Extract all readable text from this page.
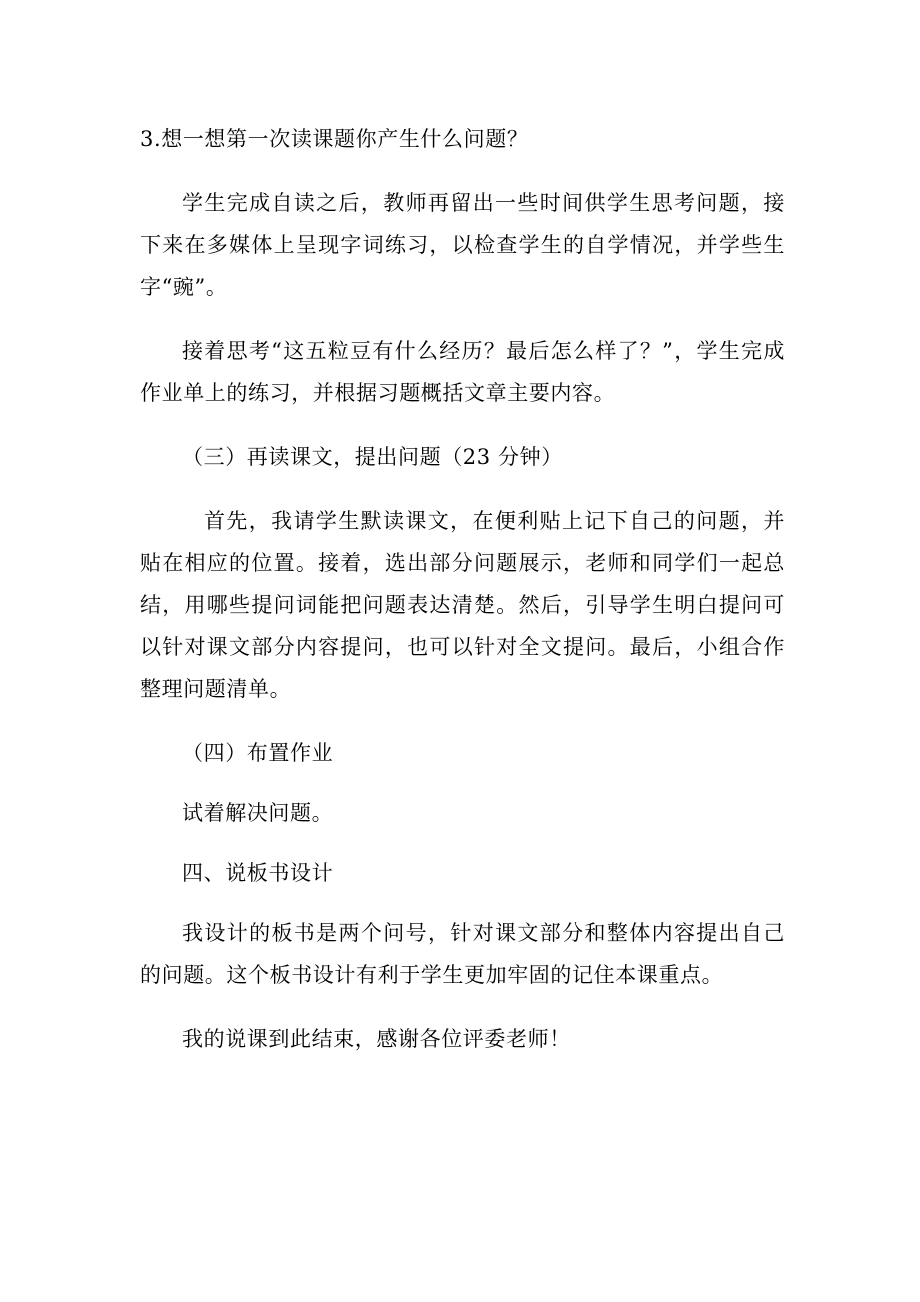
3.想一想第一次读课题你产生什么问题？

学生完成自读之后，教师再留出一些时间供学生思考问题，接下来在多媒体上呈现字词练习，以检查学生的自学情况，并学些生字“豌”。

接着思考“这五粒豆有什么经历？最后怎么样了？”，学生完成作业单上的练习，并根据习题概括文章主要内容。

（三）再读课文，提出问题（23 分钟）

首先，我请学生默读课文，在便利贴上记下自己的问题，并贴在相应的位置。接着，选出部分问题展示，老师和同学们一起总结，用哪些提问词能把问题表达清楚。然后，引导学生明白提问可以针对课文部分内容提问，也可以针对全文提问。最后，小组合作整理问题清单。

（四）布置作业

试着解决问题。

四、说板书设计

我设计的板书是两个问号，针对课文部分和整体内容提出自己的问题。这个板书设计有利于学生更加牢固的记住本课重点。

我的说课到此结束，感谢各位评委老师！
